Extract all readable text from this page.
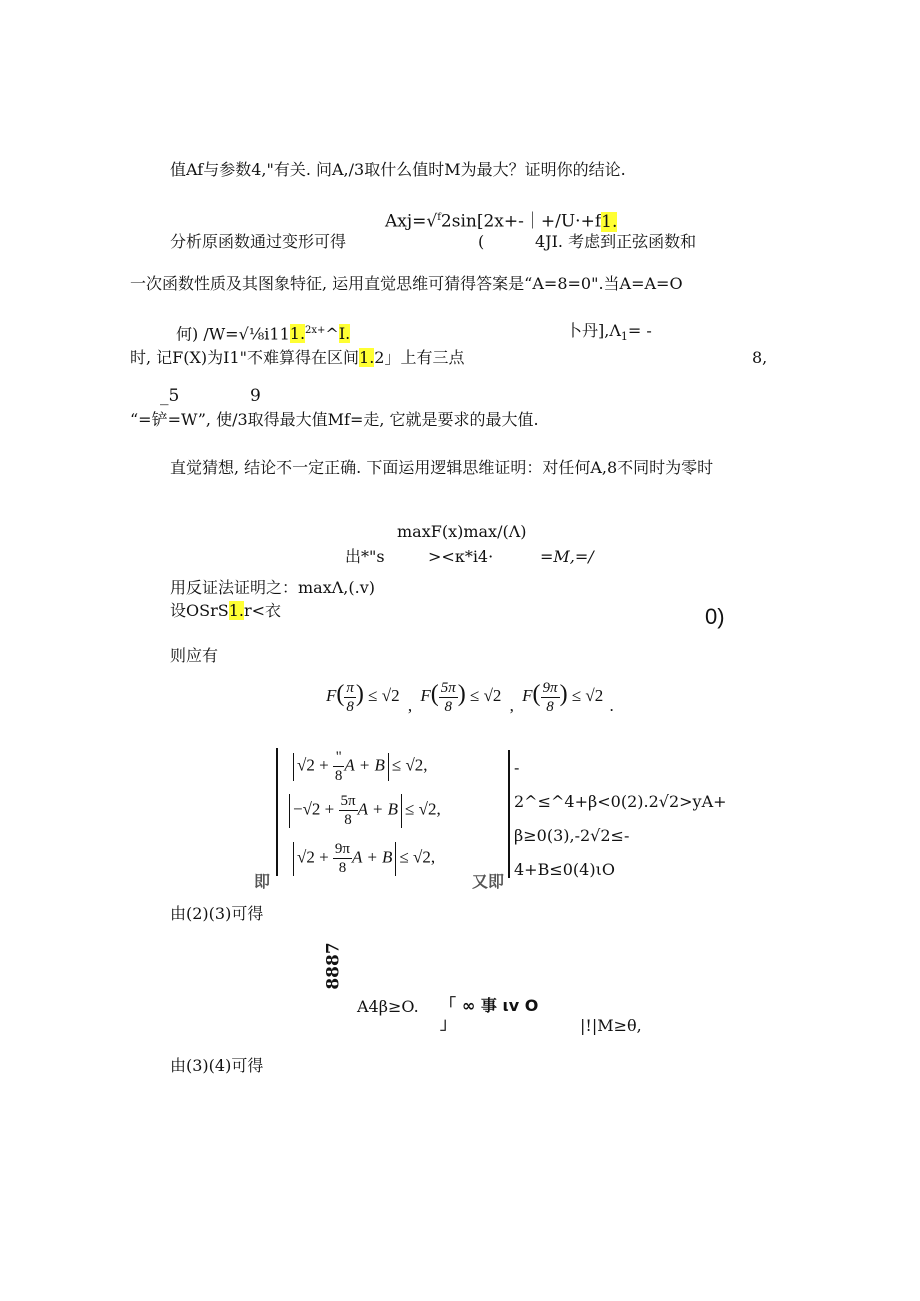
值Af与参数4,"有关. 问A,/3取什么值时M为最大？证明你的结论.
Axj=√$^f$2sin[2x+-｜+/U·+f1.
分析原函数通过变形可得	(	4JI. 考虑到正弦函数和
一次函数性质及其图象特征, 运用直觉思维可猜得答案是“A=8=0".当A=A=O
何) /W=√⅛i111.$^{2x+}$^I.	卜丹]$,\Lambda_1=$ -
时, 记F(X)为I1"不难算得在区间1.2」上有三点	8,
_5	9
“=铲=W”, 使/3取得最大值Mf=走, 它就是要求的最大值.
直觉猜想, 结论不一定正确. 下面运用逻辑思维证明：对任何A,8不同时为零时
maxF(x)max/(Λ)
出*"s	><κ*i4·	=M,=/
用反证法证明之：maxΛ,(.v)
设OSrS1.r<衣	0)
则应有
$F( \frac{\pi}{8}$ ) ≤ √2 , $F( \frac{5\pi}{8}$ ) ≤ √2 , $F( \frac{9\pi}{8}$ ) ≤ √2 .
$√2 + \frac{"}{8}$ A + B ≤ √2,
$-√2 + \frac{5\pi}{8}$ A + B ≤ √2,
$√2 + \frac{9\pi}{8}$ A + B ≤ √2,
即
-
2^≤^4+β<0(2).2√2>yA+
β≥0(3),-2√2≤-
4+B≤0(4)ιO
又即
由(2)(3)可得
8887
A4β≥O. 「 ∞ 事 ιv O
」	|!|M≥θ,
由(3)(4)可得
